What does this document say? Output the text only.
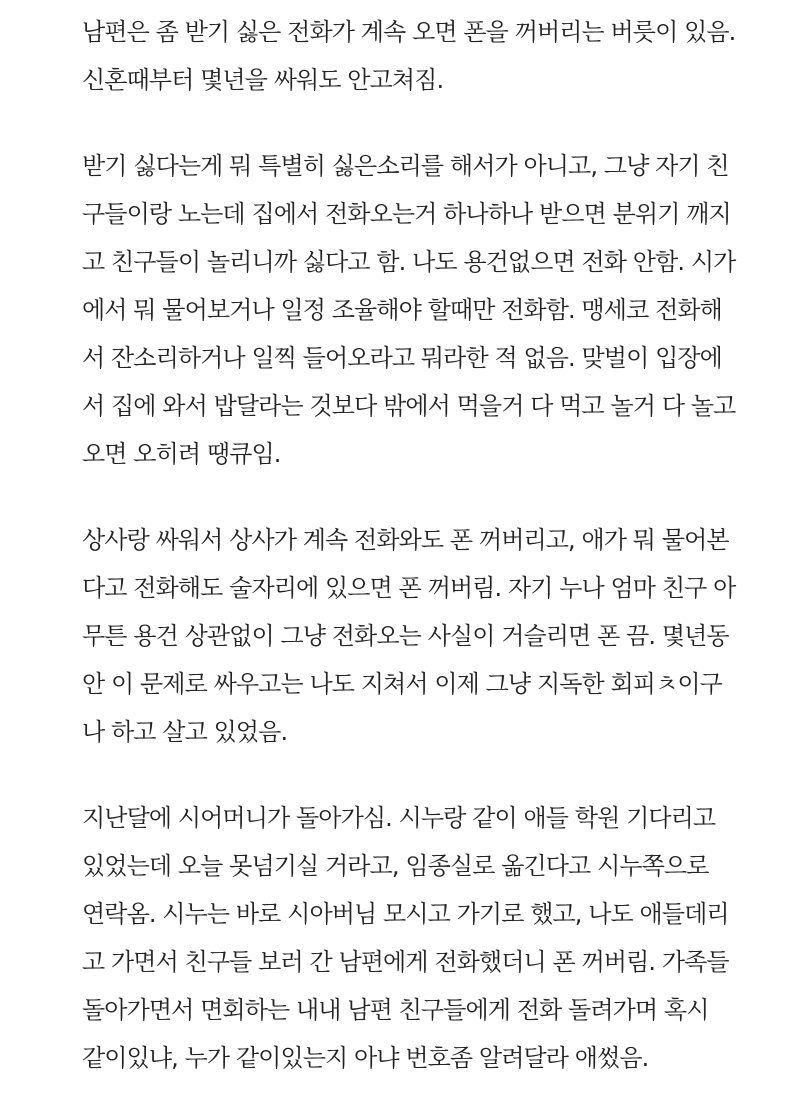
남편은 좀 받기 싫은 전화가 계속 오면 폰을 꺼버리는 버릇이 있음.
신혼때부터 몇년을 싸워도 안고쳐짐.
받기 싫다는게 뭐 특별히 싫은소리를 해서가 아니고, 그냥 자기 친
구들이랑 노는데 집에서 전화오는거 하나하나 받으면 분위기 깨지
고 친구들이 놀리니까 싫다고 함. 나도 용건없으면 전화 안함. 시가
에서 뭐 물어보거나 일정 조율해야 할때만 전화함. 맹세코 전화해
서 잔소리하거나 일찍 들어오라고 뭐라한 적 없음. 맞벌이 입장에
서 집에 와서 밥달라는 것보다 밖에서 먹을거 다 먹고 놀거 다 놀고
오면 오히려 땡큐임.
상사랑 싸워서 상사가 계속 전화와도 폰 꺼버리고, 애가 뭐 물어본
다고 전화해도 술자리에 있으면 폰 꺼버림. 자기 누나 엄마 친구 아
무튼 용건 상관없이 그냥 전화오는 사실이 거슬리면 폰 끔. 몇년동
안 이 문제로 싸우고는 나도 지쳐서 이제 그냥 지독한 회피ㅊ이구
나 하고 살고 있었음.
지난달에 시어머니가 돌아가심. 시누랑 같이 애들 학원 기다리고
있었는데 오늘 못넘기실 거라고, 임종실로 옮긴다고 시누쪽으로
연락옴. 시누는 바로 시아버님 모시고 가기로 했고, 나도 애들데리
고 가면서 친구들 보러 간 남편에게 전화했더니 폰 꺼버림. 가족들
돌아가면서 면회하는 내내 남편 친구들에게 전화 돌려가며 혹시
같이있냐, 누가 같이있는지 아냐 번호좀 알려달라 애썼음.
